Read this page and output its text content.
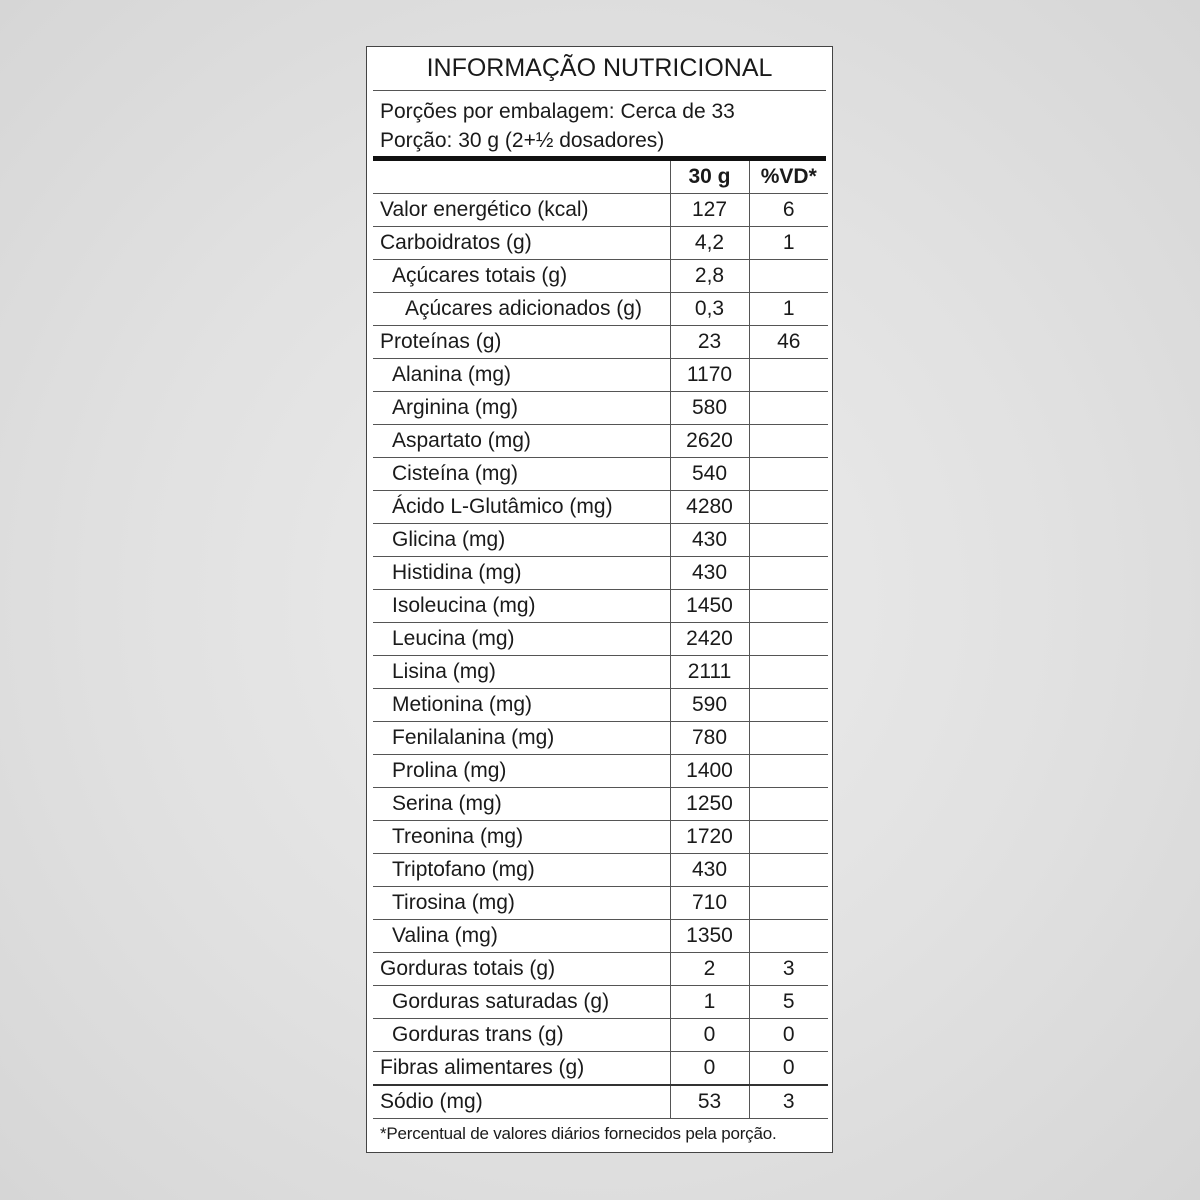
INFORMAÇÃO NUTRICIONAL
Porções por embalagem: Cerca de 33
Porção: 30 g (2+½ dosadores)
	30 g	%VD*
Valor energético (kcal)	127	6
Carboidratos (g)	4,2	1
Açúcares totais (g)	2,8	
Açúcares adicionados (g)	0,3	1
Proteínas (g)	23	46
Alanina (mg)	1170	
Arginina (mg)	580	
Aspartato (mg)	2620	
Cisteína (mg)	540	
Ácido L-Glutâmico (mg)	4280	
Glicina (mg)	430	
Histidina (mg)	430	
Isoleucina (mg)	1450	
Leucina (mg)	2420	
Lisina (mg)	2111	
Metionina (mg)	590	
Fenilalanina (mg)	780	
Prolina (mg)	1400	
Serina (mg)	1250	
Treonina (mg)	1720	
Triptofano (mg)	430	
Tirosina (mg)	710	
Valina (mg)	1350	
Gorduras totais (g)	2	3
Gorduras saturadas (g)	1	5
Gorduras trans (g)	0	0
Fibras alimentares (g)	0	0
Sódio (mg)	53	3
*Percentual de valores diários fornecidos pela porção.
